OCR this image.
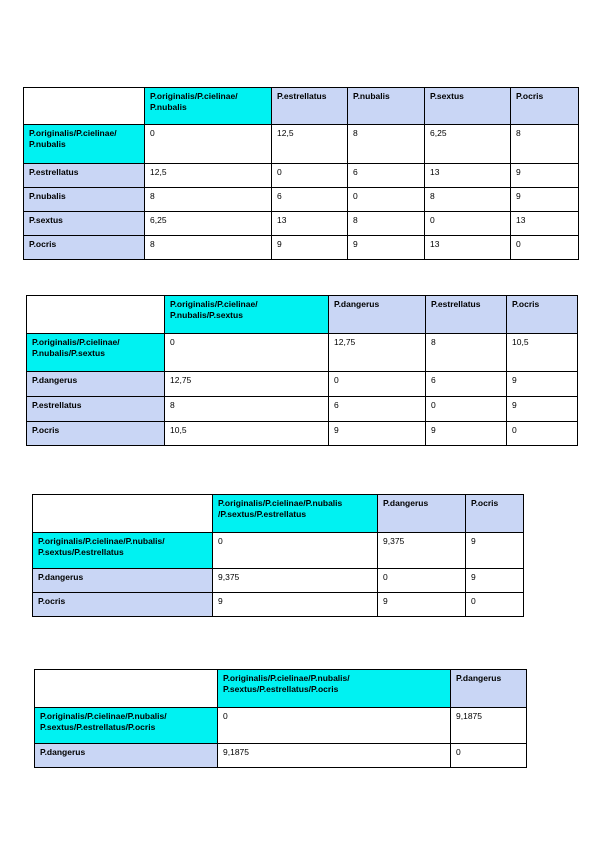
	P.originalis/P.cielinae/
P.nubalis	P.estrellatus	P.nubalis	P.sextus	P.ocris
P.originalis/P.cielinae/
P.nubalis	0	12,5	8	6,25	8
P.estrellatus	12,5	0	6	13	9
P.nubalis	8	6	0	8	9
P.sextus	6,25	13	8	0	13
P.ocris	8	9	9	13	0
	P.originalis/P.cielinae/
P.nubalis/P.sextus	P.dangerus	P.estrellatus	P.ocris
P.originalis/P.cielinae/
P.nubalis/P.sextus	0	12,75	8	10,5
P.dangerus	12,75	0	6	9
P.estrellatus	8	6	0	9
P.ocris	10,5	9	9	0
	P.originalis/P.cielinae/P.nubalis
/P.sextus/P.estrellatus	P.dangerus	P.ocris
P.originalis/P.cielinae/P.nubalis/
P.sextus/P.estrellatus	0	9,375	9
P.dangerus	9,375	0	9
P.ocris	9	9	0
	P.originalis/P.cielinae/P.nubalis/
P.sextus/P.estrellatus/P.ocris	P.dangerus
P.originalis/P.cielinae/P.nubalis/
P.sextus/P.estrellatus/P.ocris	0	9,1875
P.dangerus	9,1875	0
